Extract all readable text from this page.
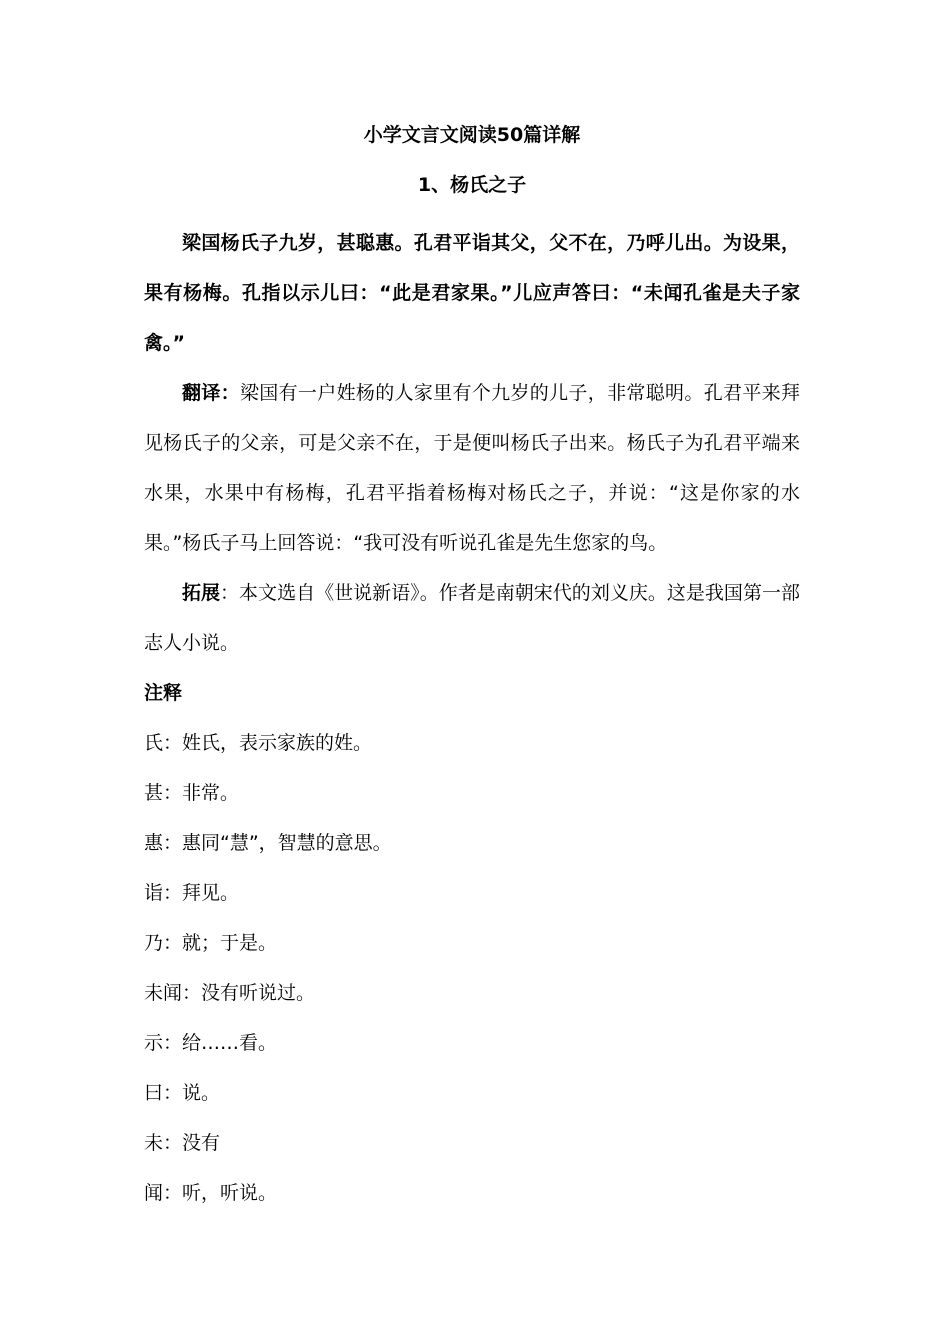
小学文言文阅读50篇详解
1、杨氏之子

梁国杨氏子九岁，甚聪惠。孔君平诣其父，父不在，乃呼儿出。为设果，果有杨梅。孔指以示儿曰：“此是君家果。”儿应声答曰：“未闻孔雀是夫子家禽。”

翻译：梁国有一户姓杨的人家里有个九岁的儿子，非常聪明。孔君平来拜见杨氏子的父亲，可是父亲不在，于是便叫杨氏子出来。杨氏子为孔君平端来水果，水果中有杨梅，孔君平指着杨梅对杨氏之子，并说：“这是你家的水果。”杨氏子马上回答说：“我可没有听说孔雀是先生您家的鸟。

拓展：本文选自《世说新语》。作者是南朝宋代的刘义庆。这是我国第一部志人小说。

注释
氏：姓氏，表示家族的姓。
甚：非常。
惠：惠同“慧”，智慧的意思。
诣：拜见。
乃：就；于是。
未闻：没有听说过。
示：给……看。
曰：说。
未：没有
闻：听，听说。
